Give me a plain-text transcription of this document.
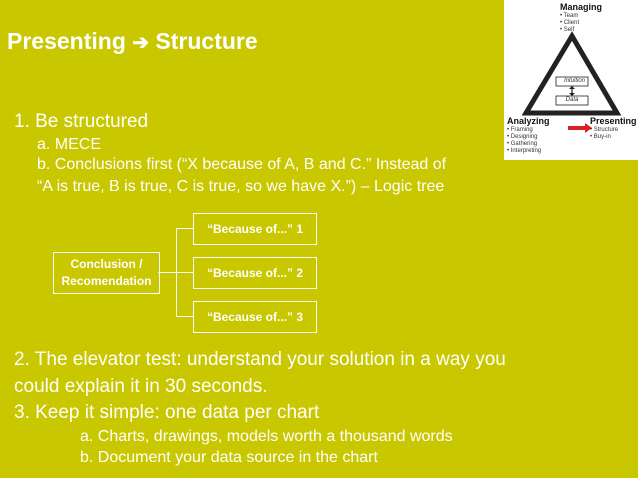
Presenting ➔ Structure
1. Be structured
a. MECE
b. Conclusions first (“X because of A, B and C.” Instead of
“A is true, B is true, C is true, so we have X.”) – Logic tree
Conclusion /
Recomendation
“Because of...” 1
“Because of...” 2
“Because of...” 3
2. The elevator test: understand your solution in a way you
could explain it in 30 seconds.
3. Keep it simple: one data per chart
a. Charts, drawings, models worth a thousand words
b. Document your data source in the chart
Managing
• Team
• Client
• Self
Intuition
Data
Analyzing
• Framing
• Designing
• Gathering
• Interpreting
Presenting
• Structure
• Buy-in
